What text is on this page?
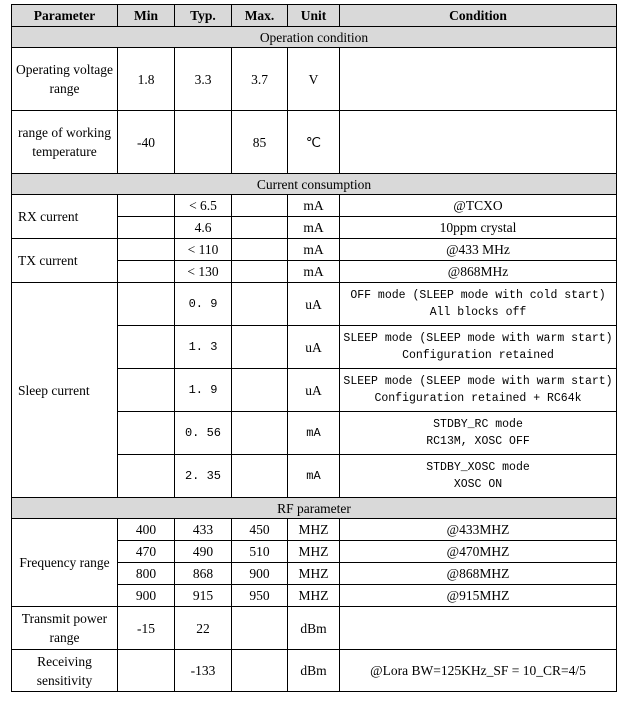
Parameter	Min	Typ.	Max.	Unit	Condition
Operation condition					
Operating voltage range	1.8	3.3	3.7	V	
range of working temperature	-40		85	℃	
Current consumption					
RX current		< 6.5		mA	@TCXO
		4.6		mA	10ppm crystal
TX current		< 110		mA	@433 MHz
		< 130		mA	@868MHz
Sleep current		0. 9		uA	OFF mode (SLEEP mode with cold start)
All blocks off

		1. 3		uA	SLEEP mode (SLEEP mode with warm start)
Configuration retained

		1. 9		uA	SLEEP mode (SLEEP mode with warm start)
Configuration retained + RC64k

		0. 56		mA	STDBY_RC mode
RC13M, XOSC OFF

		2. 35		mA	STDBY_XOSC mode
XOSC ON

RF parameter					
Frequency range	400	433	450	MHZ	@433MHZ
	470	490	510	MHZ	@470MHZ
	800	868	900	MHZ	@868MHZ
	900	915	950	MHZ	@915MHZ
Transmit power range	-15	22		dBm	
Receiving sensitivity		-133		dBm	@Lora BW=125KHz_SF = 10_CR=4/5
